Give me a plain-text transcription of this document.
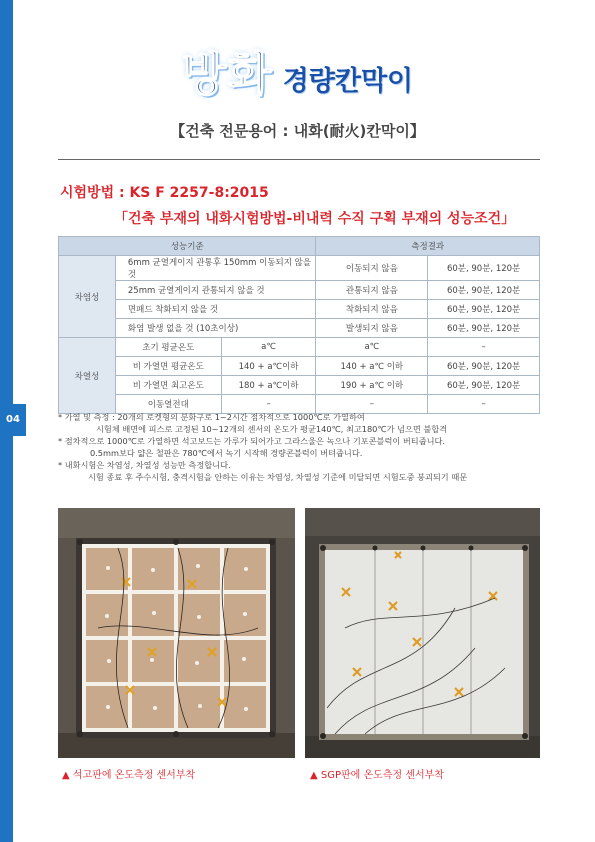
04
방화 경량칸막이
【건축 전문용어 : 내화(耐火)칸막이】
시험방법 : KS F 2257-8:2015
「건축 부재의 내화시험방법-비내력 수직 구획 부재의 성능조건」
성능기준			측정결과	
차염성	6mm 균열게이지 관통후 150mm 이동되지 않을 것		이동되지 않음	60분, 90분, 120분
	25mm 균열게이지 관통되지 않을 것		관통되지 않음	60분, 90분, 120분
	면패드 착화되지 않을 것		착화되지 않음	60분, 90분, 120분
	화염 발생 없을 것 (10초이상)		발생되지 않음	60분, 90분, 120분
차열성	초기 평균온도	a℃	a℃	–
	비 가열면 평균온도	140 + a℃이하	140 + a℃ 이하	60분, 90분, 120분
	비 가열면 최고온도	180 + a℃이하	190 + a℃ 이하	60분, 90분, 120분
	이동열전대	–	–	–
* 가열 및 측정 : 20개의 로켓형의 분화구로 1~2시간 점차적으로 1000℃로 가열하여
시험체 배면에 피스로 고정된 10~12개의 센서의 온도가 평균140℃, 최고180℃가 넘으면 불합격
* 점차적으로 1000℃로 가열하면 석고보드는 가루가 되어가고 그라스울은 녹으나 기포콘블럭이 버티줍니다.
0.5mm보다 얇은 철판은 780℃에서 녹기 시작해 경량콘블럭이 버텨줍니다.
* 내화시험은 차염성, 차열성 성능만 측정합니다.
시험 종료 후 주수시험, 충격시험을 안하는 이유는 차염성, 차열성 기준에 미달되면 시험도중 붕괴되기 때문
▲ 석고판에 온도측정 센서부착	▲ SGP판에 온도측정 센서부착
